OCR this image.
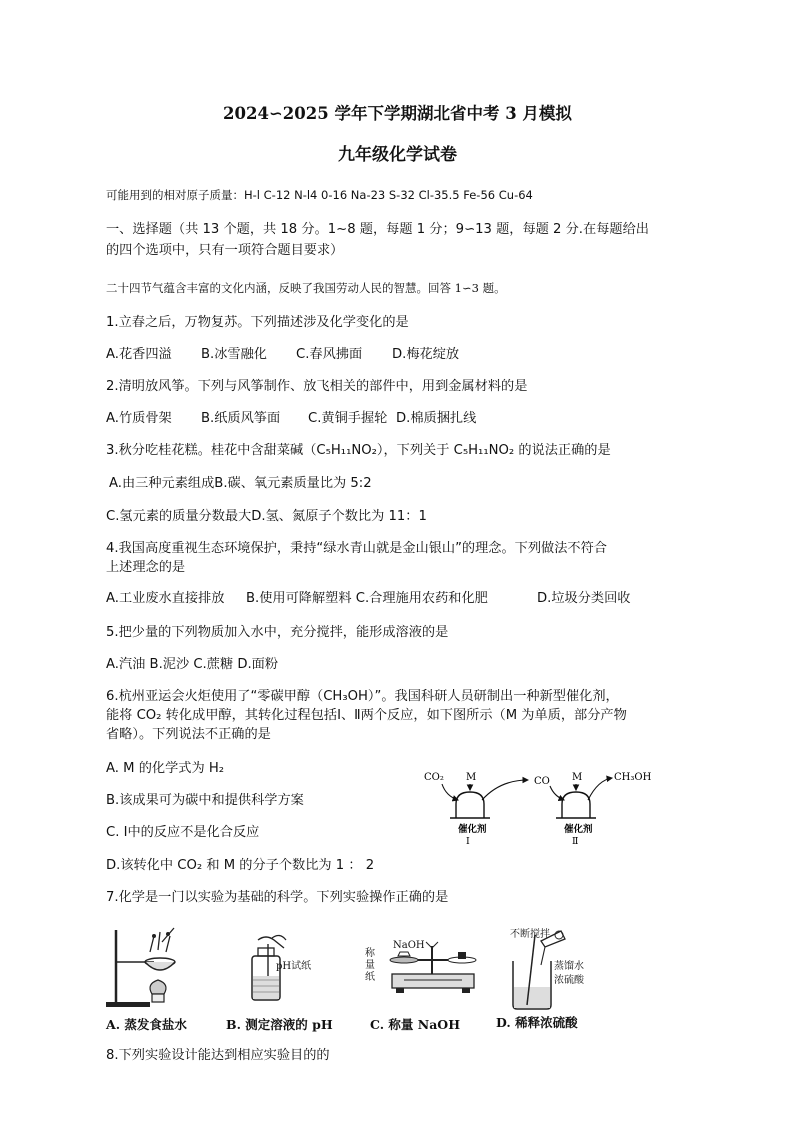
2024∽2025 学年下学期湖北省中考 3 月模拟
九年级化学试卷
可能用到的相对原子质量：H-l C-12 N-l4 0-16 Na-23 S-32 Cl-35.5 Fe-56 Cu-64
一、选择题（共 13 个题，共 18 分。1~8 题，每题 1 分；9∽13 题，每题 2 分.在每题给出
的四个选项中，只有一项符合题目要求）
二十四节气蕴含丰富的文化内涵，反映了我国劳动人民的智慧。回答 1∽3 题。
1.立春之后，万物复苏。下列描述涉及化学变化的是
A.花香四溢 B.冰雪融化 C.春风拂面 D.梅花绽放
2.清明放风筝。下列与风筝制作、放飞相关的部件中，用到金属材料的是
A.竹质骨架 B.纸质风筝面 C.黄铜手握轮 D.棉质捆扎线
3.秋分吃桂花糕。桂花中含甜菜碱（C₅H₁₁NO₂），下列关于 C₅H₁₁NO₂ 的说法正确的是
A.由三种元素组成B.碳、氧元素质量比为 5:2
C.氢元素的质量分数最大D.氢、氮原子个数比为 11：1
4.我国高度重视生态环境保护，秉持“绿水青山就是金山银山”的理念。下列做法不符合
上述理念的是
A.工业废水直接排放 B.使用可降解塑料 C.合理施用农药和化肥	D.垃圾分类回收
5.把少量的下列物质加入水中，充分搅拌，能形成溶液的是
A.汽油 B.泥沙 C.蔗糖 D.面粉
6.杭州亚运会火炬使用了“零碳甲醇（CH₃OH）”。我国科研人员研制出一种新型催化剂，
能将 CO₂ 转化成甲醇，其转化过程包括Ⅰ、Ⅱ两个反应，如下图所示（M 为单质，部分产物
省略）。下列说法不正确的是
A. M 的化学式为 H₂
B.该成果可为碳中和提供科学方案
C. Ⅰ中的反应不是化合反应
D.该转化中 CO₂ 和 M 的分子个数比为 1 ： 2
CO₂ M	CO M	CH₃OH
催化剂
Ⅰ
催化剂
Ⅱ
7.化学是一门以实验为基础的科学。下列实验操作正确的是
A. 蒸发食盐水
pH试纸
B. 测定溶液的 pH
NaOH
称量纸
C. 称量 NaOH
不断搅拌
蒸馏水
浓硫酸
D. 稀释浓硫酸
8.下列实验设计能达到相应实验目的的
